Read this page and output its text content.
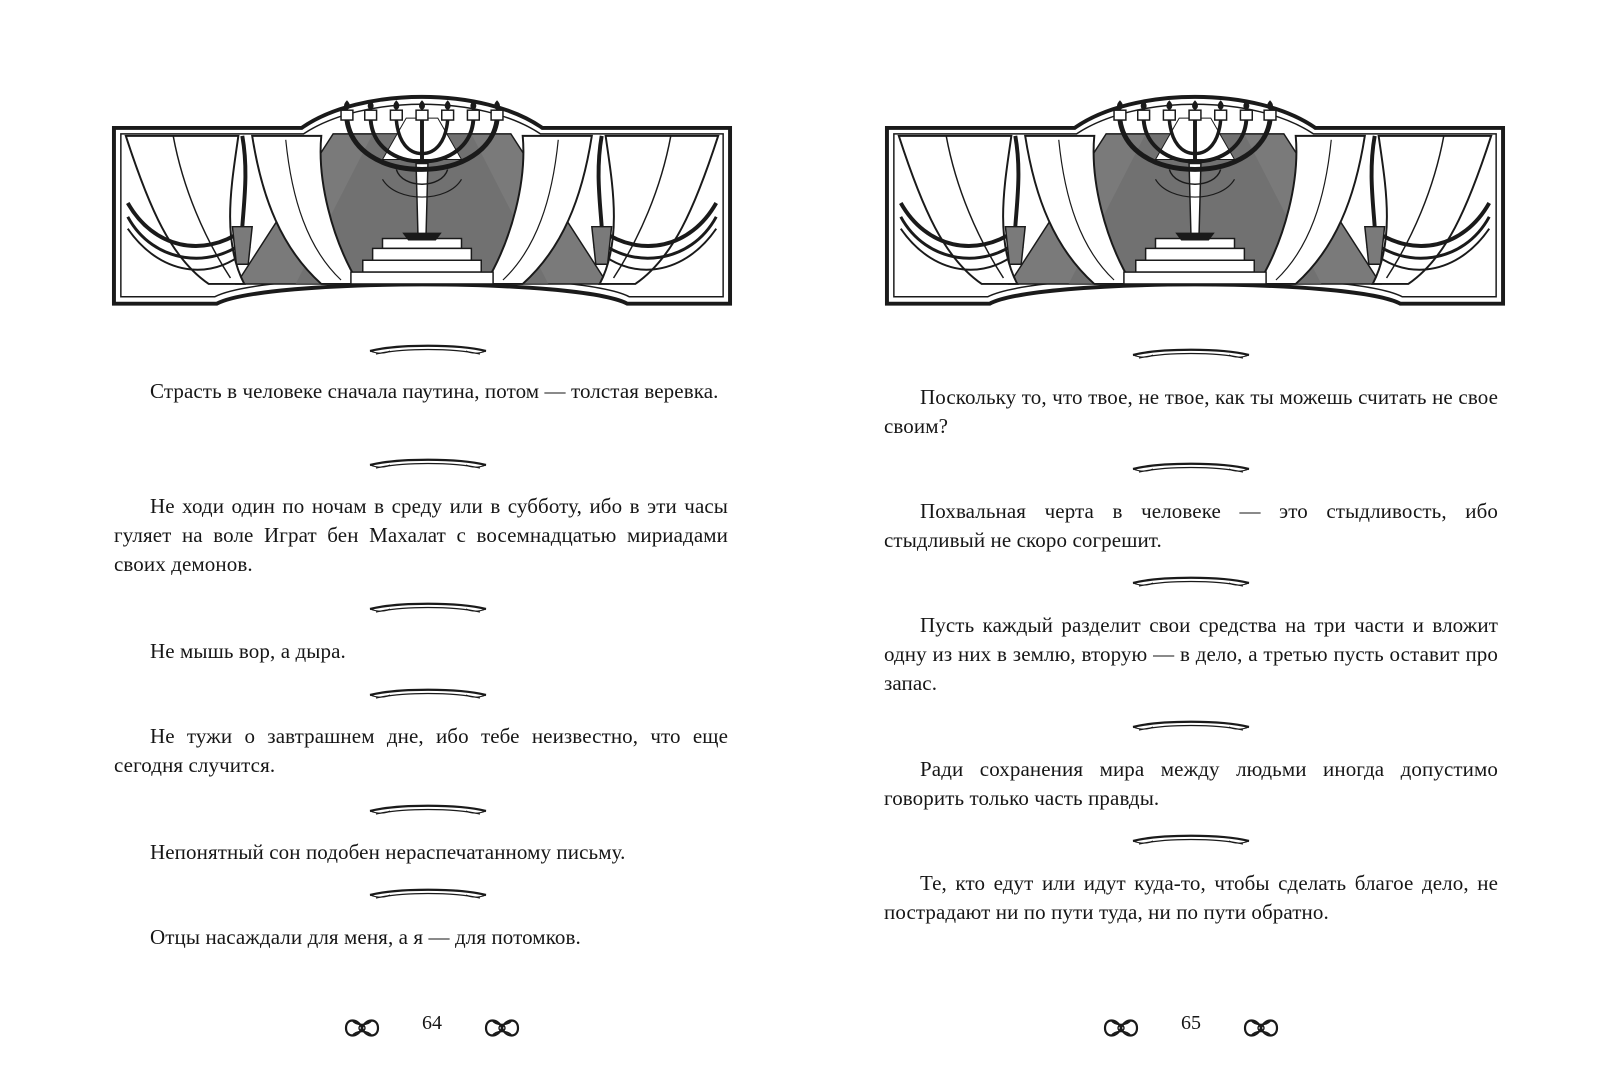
Страсть в человеке сначала паутина, потом — толстая веревка.
Не ходи один по ночам в среду или в субботу, ибо в эти часы гуляет на воле Играт бен Махалат с восемнадцатью мириадами своих демонов.
Не мышь вор, а дыра.
Не тужи о завтрашнем дне, ибо тебе неизвестно, что еще сегодня случится.
Непонятный сон подобен нераспечатанному письму.
Отцы насаждали для меня, а я — для потомков.
64
Поскольку то, что твое, не твое, как ты можешь считать не свое своим?
Похвальная черта в человеке — это стыдливость, ибо стыдливый не скоро согрешит.
Пусть каждый разделит свои средства на три части и вложит одну из них в землю, вторую — в дело, а третью пусть оставит про запас.
Ради сохранения мира между людьми иногда допустимо говорить только часть правды.
Те, кто едут или идут куда-то, чтобы сделать благое дело, не пострадают ни по пути туда, ни по пути обратно.
65
